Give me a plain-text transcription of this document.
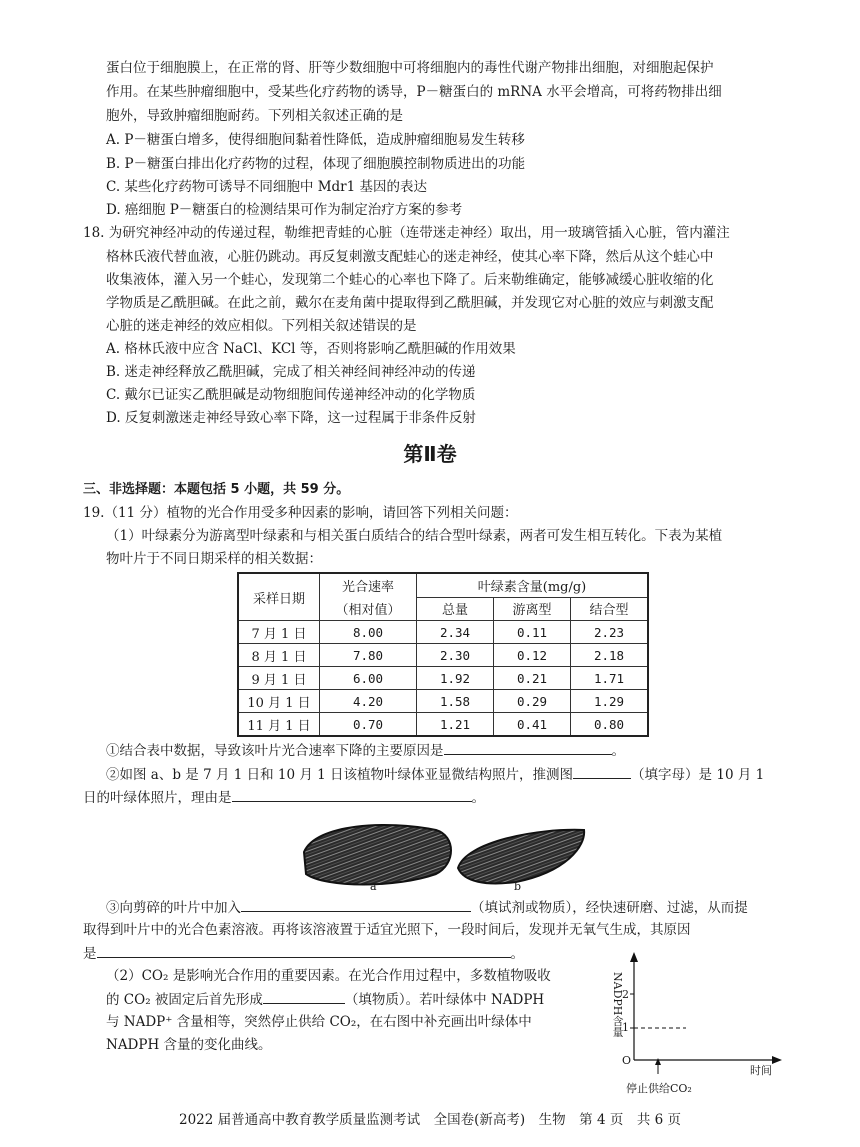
蛋白位于细胞膜上，在正常的肾、肝等少数细胞中可将细胞内的毒性代谢产物排出细胞，对细胞起保护
作用。在某些肿瘤细胞中，受某些化疗药物的诱导，P－糖蛋白的 mRNA 水平会增高，可将药物排出细
胞外，导致肿瘤细胞耐药。下列相关叙述正确的是
A. P－糖蛋白增多，使得细胞间黏着性降低，造成肿瘤细胞易发生转移
B. P－糖蛋白排出化疗药物的过程，体现了细胞膜控制物质进出的功能
C. 某些化疗药物可诱导不同细胞中 Mdr1 基因的表达
D. 癌细胞 P－糖蛋白的检测结果可作为制定治疗方案的参考
18. 为研究神经冲动的传递过程，勒维把青蛙的心脏（连带迷走神经）取出，用一玻璃管插入心脏，管内灌注
格林氏液代替血液，心脏仍跳动。再反复刺激支配蛙心的迷走神经，使其心率下降，然后从这个蛙心中
收集液体，灌入另一个蛙心，发现第二个蛙心的心率也下降了。后来勒维确定，能够减缓心脏收缩的化
学物质是乙酰胆碱。在此之前，戴尔在麦角菌中提取得到乙酰胆碱，并发现它对心脏的效应与刺激支配
心脏的迷走神经的效应相似。下列相关叙述错误的是
A. 格林氏液中应含 NaCl、KCl 等，否则将影响乙酰胆碱的作用效果
B. 迷走神经释放乙酰胆碱，完成了相关神经间神经冲动的传递
C. 戴尔已证实乙酰胆碱是动物细胞间传递神经冲动的化学物质
D. 反复刺激迷走神经导致心率下降，这一过程属于非条件反射
第Ⅱ卷
三、非选择题：本题包括 5 小题，共 59 分。
19.（11 分）植物的光合作用受多种因素的影响，请回答下列相关问题：
（1）叶绿素分为游离型叶绿素和与相关蛋白质结合的结合型叶绿素，两者可发生相互转化。下表为某植
物叶片于不同日期采样的相关数据：
采样日期	光合速率	叶绿素含量(mg/g)		
	（相对值）	总量	游离型	结合型
7 月 1 日	8.00	2.34	0.11	2.23
8 月 1 日	7.80	2.30	0.12	2.18
9 月 1 日	6.00	1.92	0.21	1.71
10 月 1 日	4.20	1.58	0.29	1.29
11 月 1 日	0.70	1.21	0.41	0.80
①结合表中数据，导致该叶片光合速率下降的主要原因是	。
②如图 a、b 是 7 月 1 日和 10 月 1 日该植物叶绿体亚显微结构照片，推测图	（填字母）是 10 月 1
日的叶绿体照片，理由是	。
a	b
③向剪碎的叶片中加入	（填试剂或物质），经快速研磨、过滤，从而提
取得到叶片中的光合色素溶液。再将该溶液置于适宜光照下，一段时间后，发现并无氧气生成，其原因
是	。
（2）CO₂ 是影响光合作用的重要因素。在光合作用过程中，多数植物吸收
的 CO₂ 被固定后首先形成	（填物质）。若叶绿体中 NADPH
与 NADP⁺ 含量相等，突然停止供给 CO₂，在右图中补充画出叶绿体中
NADPH 含量的变化曲线。
NADPH含量
2
1
O
时间
停止供给CO₂
2022 届普通高中教育教学质量监测考试　全国卷(新高考)　生物　第 4 页　共 6 页
